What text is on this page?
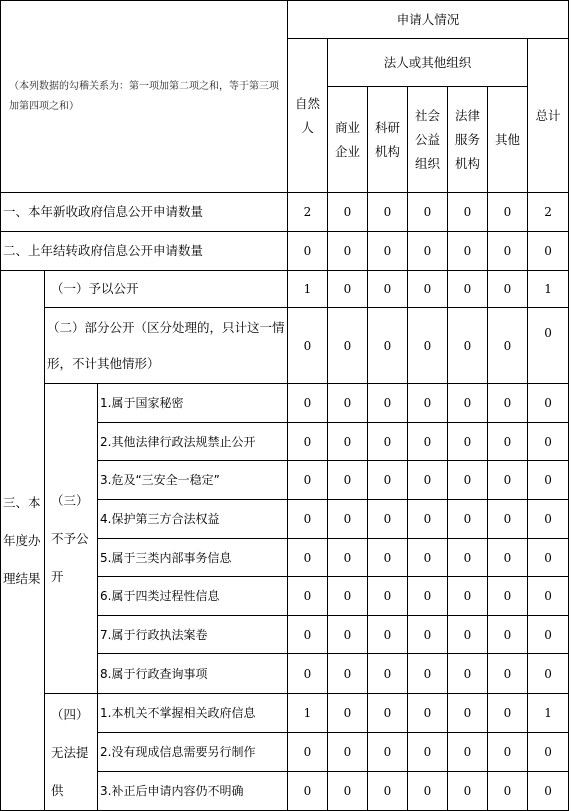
（本列数据的勾稽关系为：第一项加第二项之和，等于第三项加第四项之和）			申请人情况						
			自然人	法人或其他组织					总计
				商业企业	科研机构	社会公益组织	法律服务机构	其他	
一、本年新收政府信息公开申请数量			2	0	0	0	0	0	2
二、上年结转政府信息公开申请数量			0	0	0	0	0	0	0
三、本年度办理结果	（一）予以公开		1	0	0	0	0	0	1
	（二）部分公开（区分处理的，只计这一情形，不计其他情形）		0	0	0	0	0	0	0
	（三）不予公开	1.属于国家秘密	0	0	0	0	0	0	0
		2.其他法律行政法规禁止公开	0	0	0	0	0	0	0
		3.危及“三安全一稳定”	0	0	0	0	0	0	0
		4.保护第三方合法权益	0	0	0	0	0	0	0
		5.属于三类内部事务信息	0	0	0	0	0	0	0
		6.属于四类过程性信息	0	0	0	0	0	0	0
		7.属于行政执法案卷	0	0	0	0	0	0	0
		8.属于行政查询事项	0	0	0	0	0	0	0
	（四）无法提供	1.本机关不掌握相关政府信息	1	0	0	0	0	0	1
		2.没有现成信息需要另行制作	0	0	0	0	0	0	0
		3.补正后申请内容仍不明确	0	0	0	0	0	0	0
